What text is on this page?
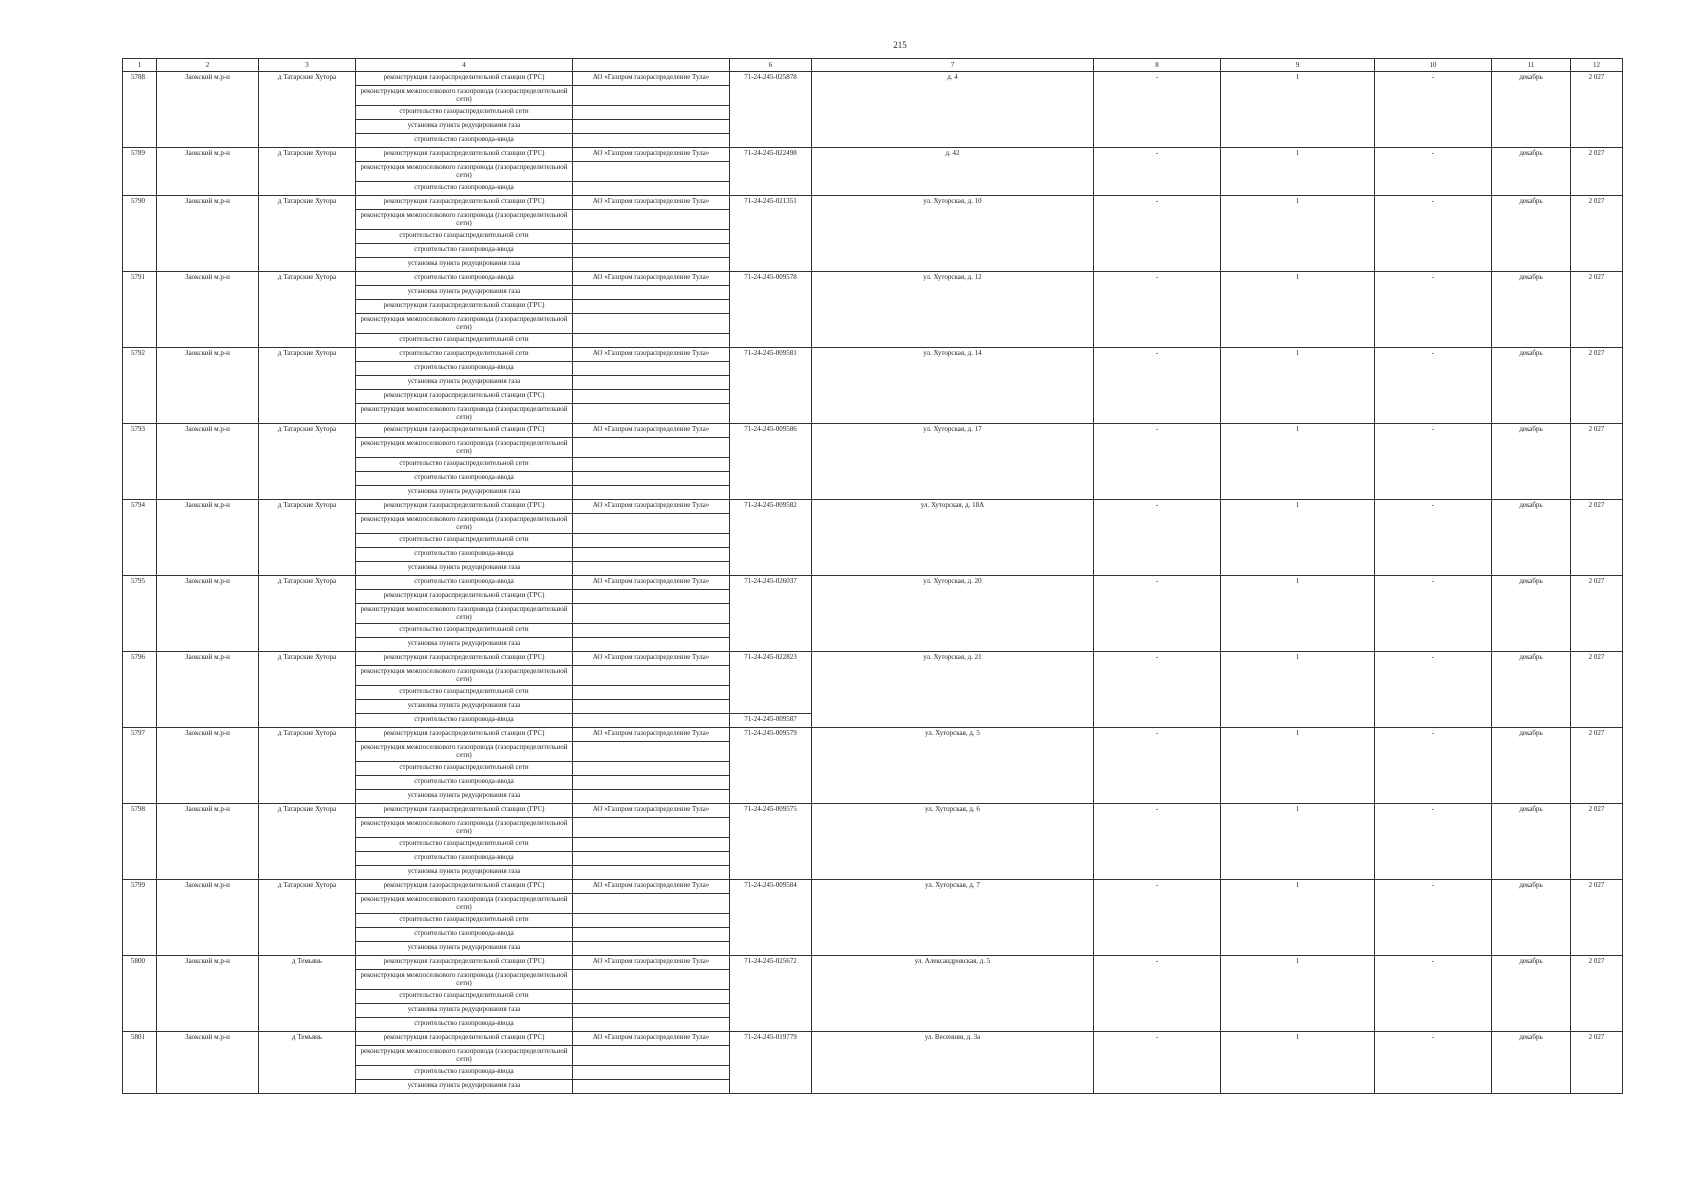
215
1	2	3	4		6	7	8	9	10	11	12
5788	Заокский м.р-н	д Татарские Хутора	реконструкция газораспределительной станции (ГРС)	АО «Газпром газораспределение Тула»	71-24-245-025878	д. 4	-	1	-	декабрь	2 027
			реконструкция межпоселкового газопровода (газораспределительной сети)								
			строительство газораспределительной сети								
			установка пункта редуцирования газа								
			строительство газопровода-ввода								
5789	Заокский м.р-н	д Татарские Хутора	реконструкция газораспределительной станции (ГРС)	АО «Газпром газораспределение Тула»	71-24-245-022498	д. 42	-	1	-	декабрь	2 027
			реконструкция межпоселкового газопровода (газораспределительной сети)								
			строительство газопровода-ввода								
5790	Заокский м.р-н	д Татарские Хутора	реконструкция газораспределительной станции (ГРС)	АО «Газпром газораспределение Тула»	71-24-245-021351	ул. Хуторская, д. 10	-	1	-	декабрь	2 027
			реконструкция межпоселкового газопровода (газораспределительной сети)								
			строительство газораспределительной сети								
			строительство газопровода-ввода								
			установка пункта редуцирования газа								
5791	Заокский м.р-н	д Татарские Хутора	строительство газопровода-ввода	АО «Газпром газораспределение Тула»	71-24-245-009578	ул. Хуторская, д. 12	-	1	-	декабрь	2 027
			установка пункта редуцирования газа								
			реконструкция газораспределительной станции (ГРС)								
			реконструкция межпоселкового газопровода (газораспределительной сети)								
			строительство газораспределительной сети								
5792	Заокский м.р-н	д Татарские Хутора	строительство газораспределительной сети	АО «Газпром газораспределение Тула»	71-24-245-009581	ул. Хуторская, д. 14	-	1	-	декабрь	2 027
			строительство газопровода-ввода								
			установка пункта редуцирования газа								
			реконструкция газораспределительной станции (ГРС)								
			реконструкция межпоселкового газопровода (газораспределительной сети)								
5793	Заокский м.р-н	д Татарские Хутора	реконструкция газораспределительной станции (ГРС)	АО «Газпром газораспределение Тула»	71-24-245-009586	ул. Хуторская, д. 17	-	1	-	декабрь	2 027
			реконструкция межпоселкового газопровода (газораспределительной сети)								
			строительство газораспределительной сети								
			строительство газопровода-ввода								
			установка пункта редуцирования газа								
5794	Заокский м.р-н	д Татарские Хутора	реконструкция газораспределительной станции (ГРС)	АО «Газпром газораспределение Тула»	71-24-245-009582	ул. Хуторская, д. 18А	-	1	-	декабрь	2 027
			реконструкция межпоселкового газопровода (газораспределительной сети)								
			строительство газораспределительной сети								
			строительство газопровода-ввода								
			установка пункта редуцирования газа								
5795	Заокский м.р-н	д Татарские Хутора	строительство газопровода-ввода	АО «Газпром газораспределение Тула»	71-24-245-026037	ул. Хуторская, д. 20	-	1	-	декабрь	2 027
			реконструкция газораспределительной станции (ГРС)								
			реконструкция межпоселкового газопровода (газораспределительной сети)								
			строительство газораспределительной сети								
			установка пункта редуцирования газа								
5796	Заокский м.р-н	д Татарские Хутора	реконструкция газораспределительной станции (ГРС)	АО «Газпром газораспределение Тула»	71-24-245-022823	ул. Хуторская, д. 21	-	1	-	декабрь	2 027
			реконструкция межпоселкового газопровода (газораспределительной сети)								
			строительство газораспределительной сети								
			установка пункта редуцирования газа								
			строительство газопровода-ввода		71-24-245-009587						
5797	Заокский м.р-н	д Татарские Хутора	реконструкция газораспределительной станции (ГРС)	АО «Газпром газораспределение Тула»	71-24-245-009579	ул. Хуторская, д. 5	-	1	-	декабрь	2 027
			реконструкция межпоселкового газопровода (газораспределительной сети)								
			строительство газораспределительной сети								
			строительство газопровода-ввода								
			установка пункта редуцирования газа								
5798	Заокский м.р-н	д Татарские Хутора	реконструкция газораспределительной станции (ГРС)	АО «Газпром газораспределение Тула»	71-24-245-009575	ул. Хуторская, д. 6	-	1	-	декабрь	2 027
			реконструкция межпоселкового газопровода (газораспределительной сети)								
			строительство газораспределительной сети								
			строительство газопровода-ввода								
			установка пункта редуцирования газа								
5799	Заокский м.р-н	д Татарские Хутора	реконструкция газораспределительной станции (ГРС)	АО «Газпром газораспределение Тула»	71-24-245-009584	ул. Хуторская, д. 7	-	1	-	декабрь	2 027
			реконструкция межпоселкового газопровода (газораспределительной сети)								
			строительство газораспределительной сети								
			строительство газопровода-ввода								
			установка пункта редуцирования газа								
5800	Заокский м.р-н	д Темьянь	реконструкция газораспределительной станции (ГРС)	АО «Газпром газораспределение Тула»	71-24-245-025672	ул. Александровская, д. 5	-	1	-	декабрь	2 027
			реконструкция межпоселкового газопровода (газораспределительной сети)								
			строительство газораспределительной сети								
			установка пункта редуцирования газа								
			строительство газопровода-ввода								
5801	Заокский м.р-н	д Темьянь	реконструкция газораспределительной станции (ГРС)	АО «Газпром газораспределение Тула»	71-24-245-019779	ул. Весенняя, д. 3а	-	1	-	декабрь	2 027
			реконструкция межпоселкового газопровода (газораспределительной сети)								
			строительство газопровода-ввода								
			установка пункта редуцирования газа								
